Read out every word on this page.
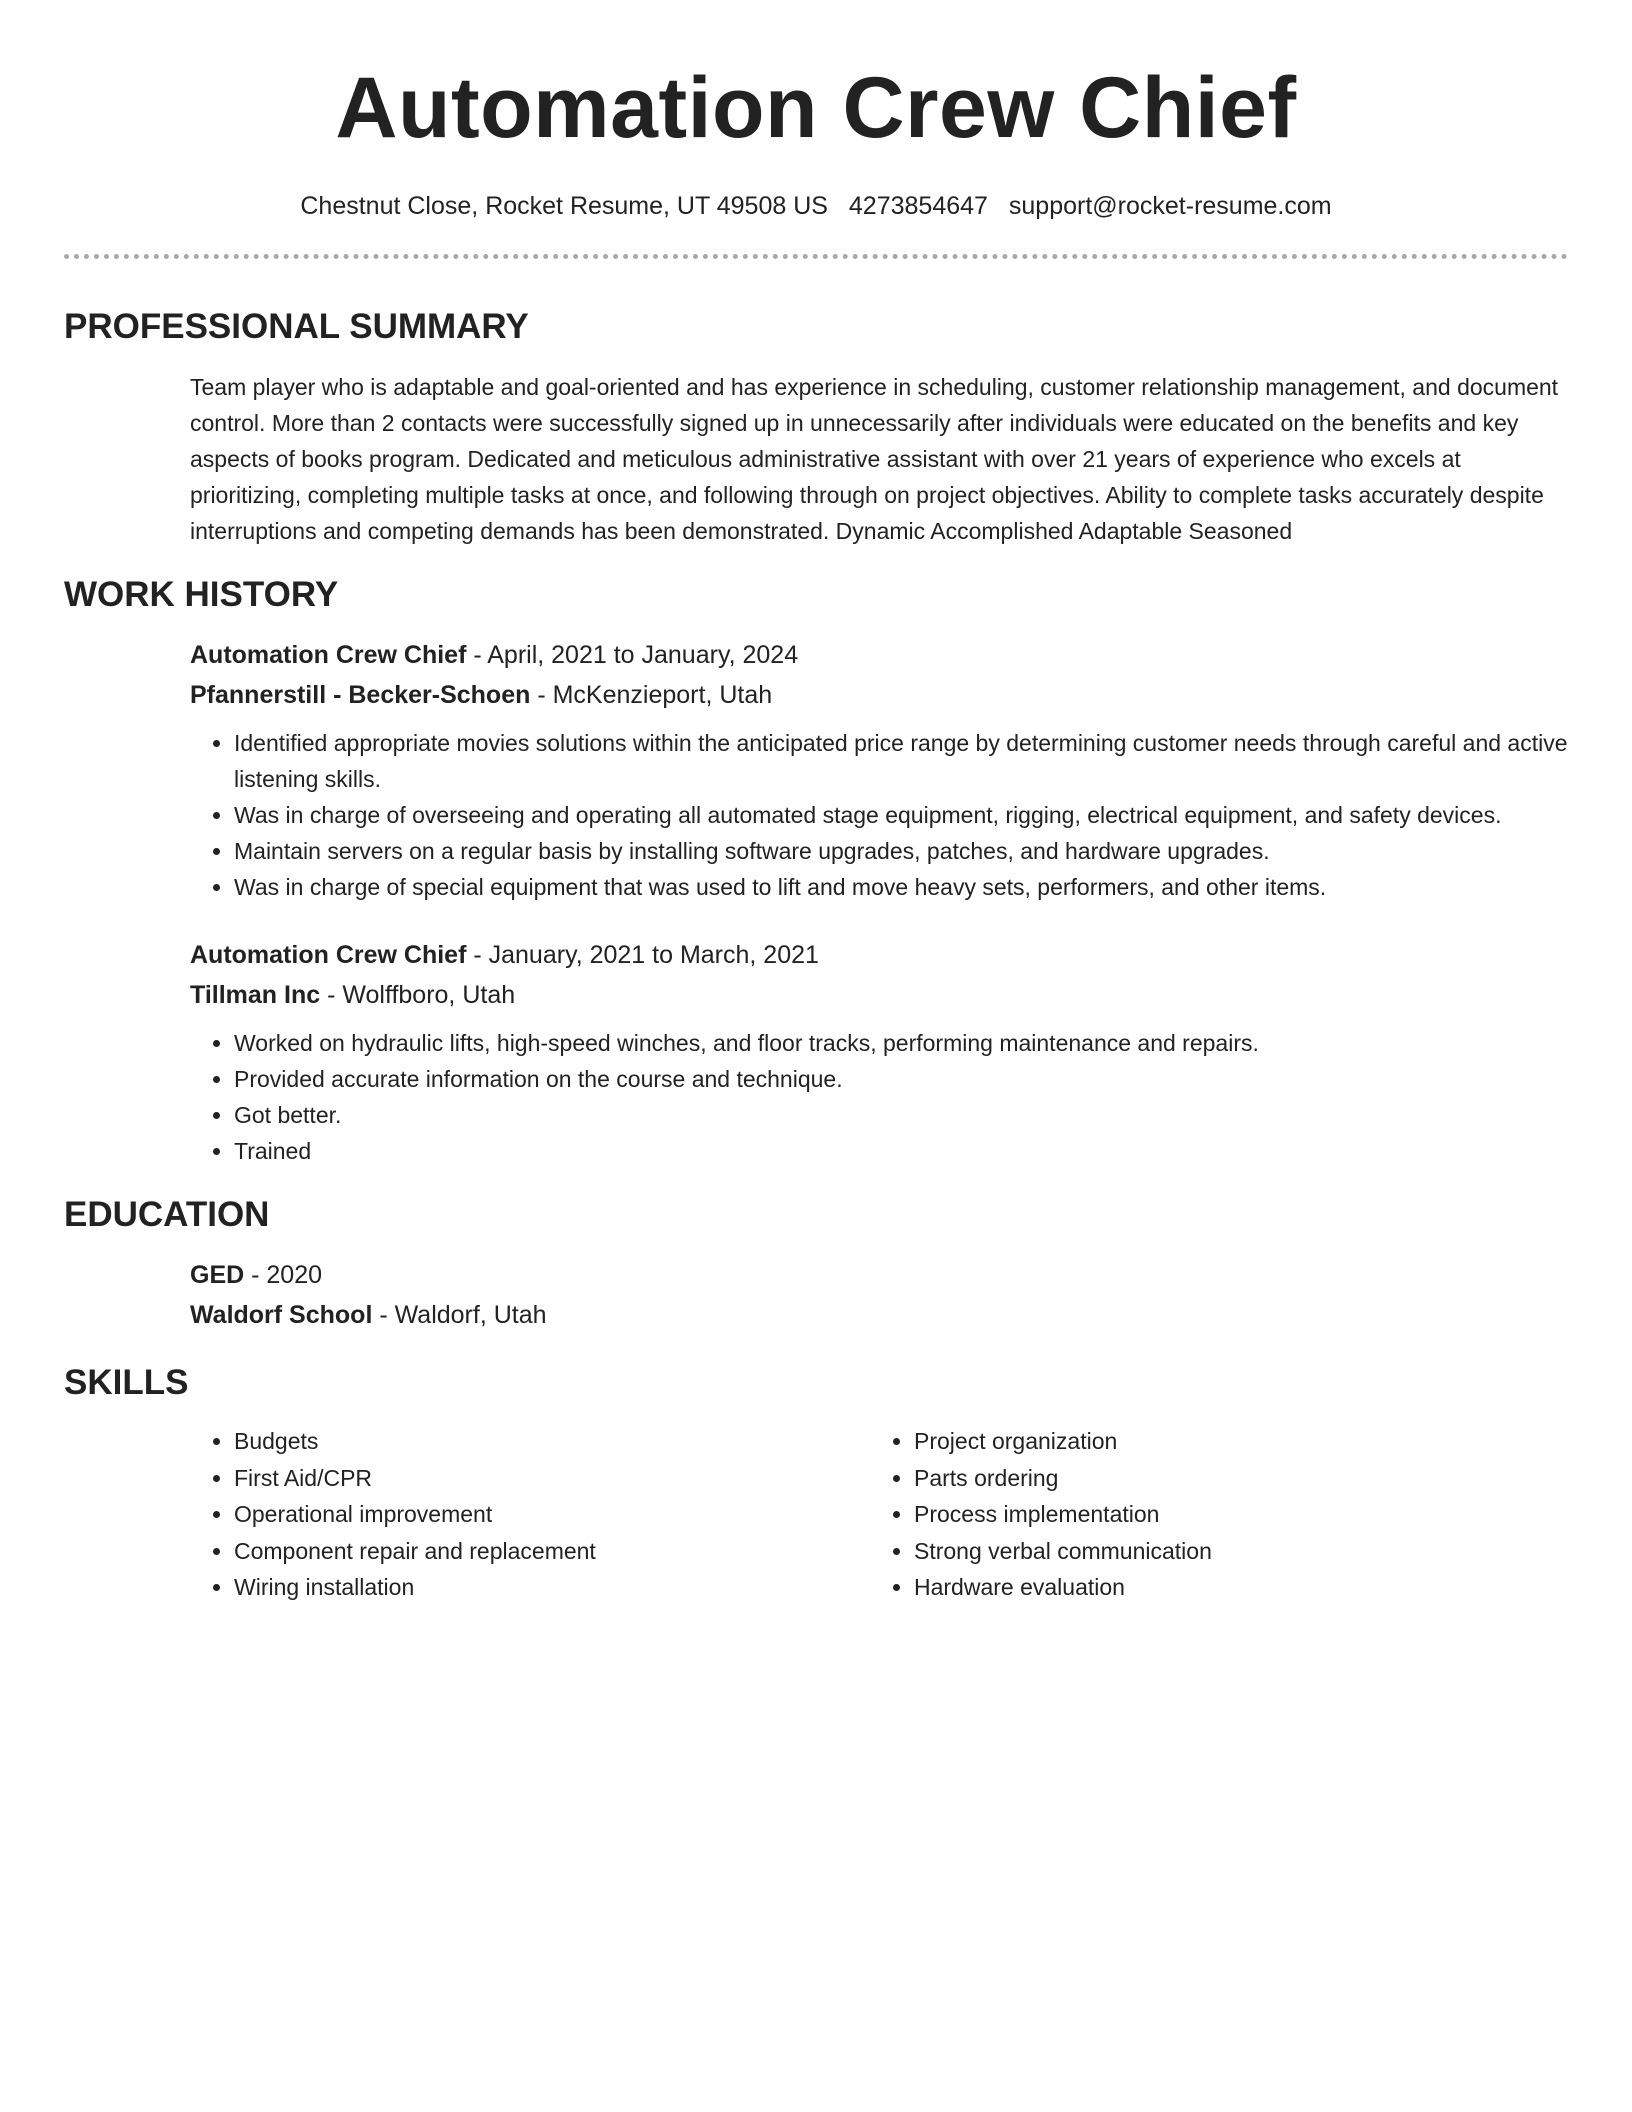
Automation Crew Chief
Chestnut Close, Rocket Resume, UT 49508 US 4273854647 support@rocket-resume.com
PROFESSIONAL SUMMARY
Team player who is adaptable and goal-oriented and has experience in scheduling, customer relationship management, and document control. More than 2 contacts were successfully signed up in unnecessarily after individuals were educated on the benefits and key aspects of books program. Dedicated and meticulous administrative assistant with over 21 years of experience who excels at prioritizing, completing multiple tasks at once, and following through on project objectives. Ability to complete tasks accurately despite interruptions and competing demands has been demonstrated. Dynamic Accomplished Adaptable Seasoned
WORK HISTORY
Automation Crew Chief - April, 2021 to January, 2024
Pfannerstill - Becker-Schoen - McKenzieport, Utah
• Identified appropriate movies solutions within the anticipated price range by determining customer needs through careful and active listening skills.
• Was in charge of overseeing and operating all automated stage equipment, rigging, electrical equipment, and safety devices.
• Maintain servers on a regular basis by installing software upgrades, patches, and hardware upgrades.
• Was in charge of special equipment that was used to lift and move heavy sets, performers, and other items.
Automation Crew Chief - January, 2021 to March, 2021
Tillman Inc - Wolffboro, Utah
• Worked on hydraulic lifts, high-speed winches, and floor tracks, performing maintenance and repairs.
• Provided accurate information on the course and technique.
• Got better.
• Trained
EDUCATION
GED - 2020
Waldorf School - Waldorf, Utah
SKILLS
• Budgets
• First Aid/CPR
• Operational improvement
• Component repair and replacement
• Wiring installation
• Project organization
• Parts ordering
• Process implementation
• Strong verbal communication
• Hardware evaluation
